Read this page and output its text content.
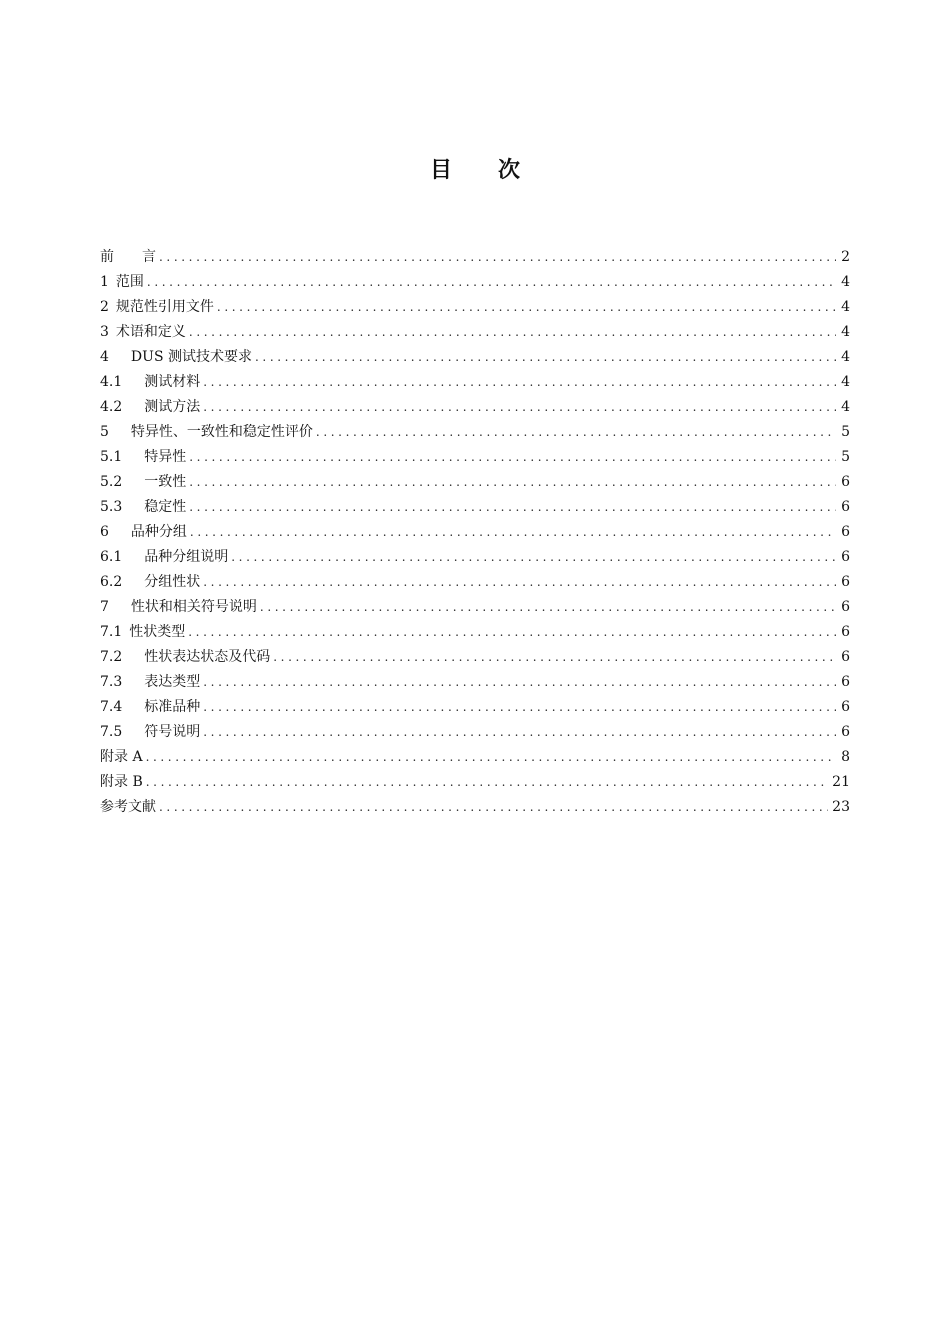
目 次
前　　言 .....	2
1 范围 .....	4
2 规范性引用文件 .....	4
3 术语和定义 .....	4
4 DUS 测试技术要求 .....	4
4.1 测试材料 .....	4
4.2 测试方法 .....	4
5 特异性、一致性和稳定性评价 .....	5
5.1 特异性 .....	5
5.2 一致性 .....	6
5.3 稳定性 .....	6
6 品种分组 .....	6
6.1 品种分组说明 .....	6
6.2 分组性状 .....	6
7 性状和相关符号说明 .....	6
7.1 性状类型 .....	6
7.2 性状表达状态及代码 .....	6
7.3 表达类型 .....	6
7.4 标准品种 .....	6
7.5 符号说明 .....	6
附录 A .....	8
附录 B .....	21
参考文献 .....	23
